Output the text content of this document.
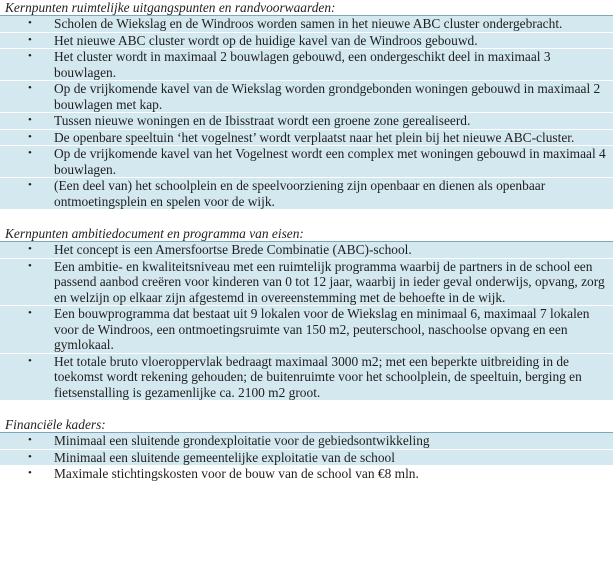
Kernpunten ruimtelijke uitgangspunten en randvoorwaarden:
• Scholen de Wiekslag en de Windroos worden samen in het nieuwe ABC cluster ondergebracht.
• Het nieuwe ABC cluster wordt op de huidige kavel van de Windroos gebouwd.
• Het cluster wordt in maximaal 2 bouwlagen gebouwd, een ondergeschikt deel in maximaal 3 bouwlagen.
• Op de vrijkomende kavel van de Wiekslag worden grondgebonden woningen gebouwd in maximaal 2 bouwlagen met kap.
• Tussen nieuwe woningen en de Ibisstraat wordt een groene zone gerealiseerd.
• De openbare speeltuin ‘het vogelnest’ wordt verplaatst naar het plein bij het nieuwe ABC-cluster.
• Op de vrijkomende kavel van het Vogelnest wordt een complex met woningen gebouwd in maximaal 4 bouwlagen.
• (Een deel van) het schoolplein en de speelvoorziening zijn openbaar en dienen als openbaar ontmoetingsplein en spelen voor de wijk.
Kernpunten ambitiedocument en programma van eisen:
• Het concept is een Amersfoortse Brede Combinatie (ABC)-school.
• Een ambitie- en kwaliteitsniveau met een ruimtelijk programma waarbij de partners in de school een passend aanbod creëren voor kinderen van 0 tot 12 jaar, waarbij in ieder geval onderwijs, opvang, zorg en welzijn op elkaar zijn afgestemd in overeenstemming met de behoefte in de wijk.
• Een bouwprogramma dat bestaat uit 9 lokalen voor de Wiekslag en minimaal 6, maximaal 7 lokalen voor de Windroos, een ontmoetingsruimte van 150 m2, peuterschool, naschoolse opvang en een gymlokaal.
• Het totale bruto vloeroppervlak bedraagt maximaal 3000 m2; met een beperkte uitbreiding in de toekomst wordt rekening gehouden; de buitenruimte voor het schoolplein, de speeltuin, berging en fietsenstalling is gezamenlijke ca. 2100 m2 groot.
Financiële kaders:
• Minimaal een sluitende grondexploitatie voor de gebiedsontwikkeling
• Minimaal een sluitende gemeentelijke exploitatie van de school
• Maximale stichtingskosten voor de bouw van de school van €8 mln.
